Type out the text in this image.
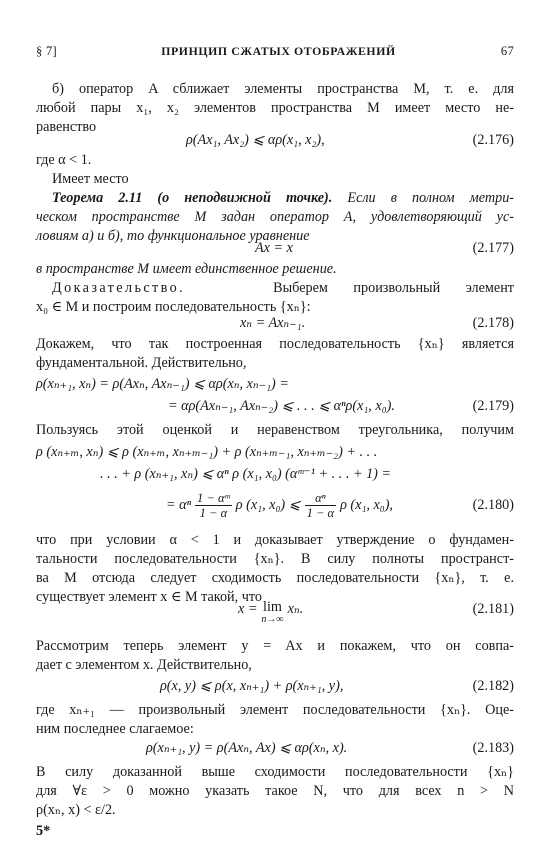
§ 7]	ПРИНЦИП СЖАТЫХ ОТОБРАЖЕНИЙ	67
б) оператор A сближает элементы пространства M, т. е. для
любой пары x₁, x₂ элементов пространства M имеет место не-
равенство
ρ(Ax₁, Ax₂) ⩽ αρ(x₁, x₂),	(2.176)
где α < 1.
Имеет место
Теорема 2.11 (о неподвижной точке). Если в полном метри-
ческом пространстве M задан оператор A, удовлетворяющий ус-
ловиям а) и б), то функциональное уравнение
Ax = x	(2.177)
в пространстве M имеет единственное решение.
Доказательство.	Выберем произвольный элемент
x₀ ∈ M и построим последовательность {xₙ}:
xₙ = Axₙ₋₁.	(2.178)
Докажем, что так построенная последовательность {xₙ} является
фундаментальной. Действительно,
ρ(xₙ₊₁, xₙ) = ρ(Axₙ, Axₙ₋₁) ⩽ αρ(xₙ, xₙ₋₁) =
= αρ(Axₙ₋₁, Axₙ₋₂) ⩽ . . . ⩽ αⁿρ(x₁, x₀).	(2.179)
Пользуясь этой оценкой и неравенством треугольника, получим
ρ (xₙ₊ₘ, xₙ) ⩽ ρ (xₙ₊ₘ, xₙ₊ₘ₋₁) + ρ (xₙ₊ₘ₋₁, xₙ₊ₘ₋₂) + . . .
. . . + ρ (xₙ₊₁, xₙ) ⩽ αⁿ ρ (x₁, x₀) (αᵐ⁻¹ + . . . + 1) =
= αⁿ $\frac{\text{1 − αᵐ}}{1 - \alpha}$ ρ (x₁, x₀) ⩽ $\frac{\text{αⁿ}}{1 - \alpha}$ ρ (x₁, x₀),	(2.180)
что при условии α < 1 и доказывает утверждение о фундамен-
тальности последовательности {xₙ}. В силу полноты пространст-
ва M отсюда следует сходимость последовательности {xₙ}, т. е.
существует элемент x ∈ M такой, что
x = lim
n→∞
xₙ.	(2.181)
Рассмотрим теперь элемент y = Ax и покажем, что он совпа-
дает с элементом x. Действительно,
ρ(x, y) ⩽ ρ(x, xₙ₊₁) + ρ(xₙ₊₁, y),	(2.182)
где xₙ₊₁ — произвольный элемент последовательности {xₙ}. Оце-
ним последнее слагаемое:
ρ(xₙ₊₁, y) = ρ(Axₙ, Ax) ⩽ αρ(xₙ, x).	(2.183)
В силу доказанной выше сходимости последовательности {xₙ}
для ∀ε > 0 можно указать такое N, что для всех n > N
ρ(xₙ, x) < ε/2.
5*
